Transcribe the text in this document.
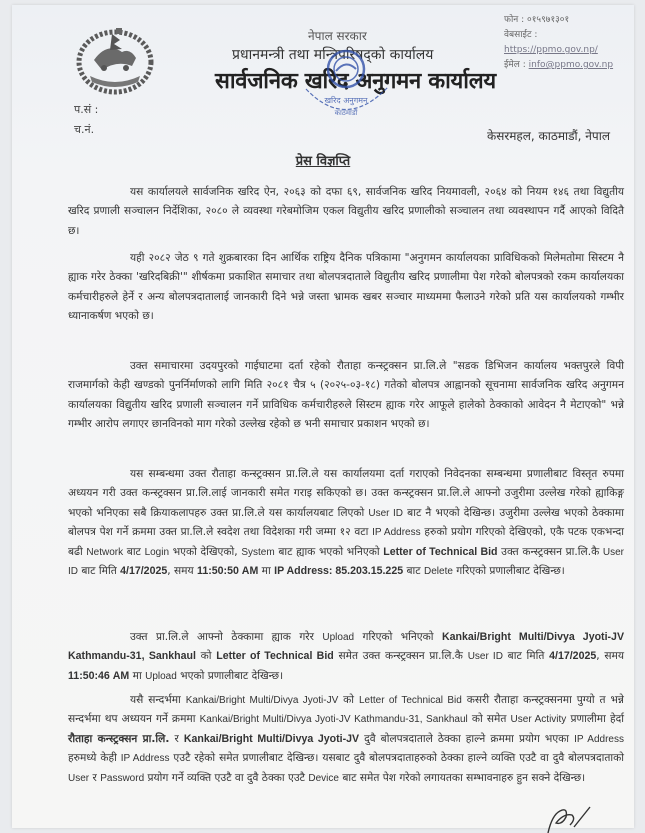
प.सं :
च.नं.
नेपाल सरकार
प्रधानमन्त्री तथा मन्त्रिपरिषद्को कार्यालय
सार्वजनिक खरिद अनुगमन कार्यालय
फोन : ०१५९७१३०१
वेबसाईट : https://ppmo.gov.np/
ईमेल : info@ppmo.gov.np
खरिद अनुगमन
काठमाडौं
केसरमहल, काठमाडौं, नेपाल
प्रेस विज्ञप्ति

यस कार्यालयले सार्वजनिक खरिद ऐन, २०६३ को दफा ६९, सार्वजनिक खरिद नियमावली, २०६४ को नियम १४६ तथा विद्युतीय खरिद प्रणाली सञ्चालन निर्देशिका, २०८० ले व्यवस्था गरेबमोजिम एकल विद्युतीय खरिद प्रणालीको सञ्चालन तथा व्यवस्थापन गर्दै आएको विदितै छ।

यही २०८२ जेठ ९ गते शुक्रबारका दिन आर्थिक राष्ट्रिय दैनिक पत्रिकामा "अनुगमन कार्यालयका प्राविधिकको मिलेमतोमा सिस्टम नै ह्याक गरेर ठेक्का 'खरिदबिक्री'" शीर्षकमा प्रकाशित समाचार तथा बोलपत्रदाताले विद्युतीय खरिद प्रणालीमा पेश गरेको बोलपत्रको रकम कार्यालयका कर्मचारीहरुले हेर्ने र अन्य बोलपत्रदातालाई जानकारी दिने भन्ने जस्ता भ्रामक खबर सञ्चार माध्यममा फैलाउने गरेको प्रति यस कार्यालयको गम्भीर ध्यानाकर्षण भएको छ।

उक्त समाचारमा उदयपुरको गाईघाटमा दर्ता रहेको रौताहा कन्स्ट्रक्सन प्रा.लि.ले "सडक डिभिजन कार्यालय भक्तपुरले विपी राजमार्गको केही खण्डको पुनर्निर्माणको लागि मिति २०८१ चैत्र ५ (२०२५-०३-१८) गतेको बोलपत्र आह्वानको सूचनामा सार्वजनिक खरिद अनुगमन कार्यालयका विद्युतीय खरिद प्रणाली सञ्चालन गर्ने प्राविधिक कर्मचारीहरुले सिस्टम ह्याक गरेर आफूले हालेको ठेक्काको आवेदन नै मेटाएको" भन्ने गम्भीर आरोप लगाएर छानविनको माग गरेको उल्लेख रहेको छ भनी समाचार प्रकाशन भएको छ।

यस सम्बन्धमा उक्त रौताहा कन्स्ट्रक्सन प्रा.लि.ले यस कार्यालयमा दर्ता गराएको निवेदनका सम्बन्धमा प्रणालीबाट विस्तृत रुपमा अध्ययन गरी उक्त कन्स्ट्रक्सन प्रा.लि.लाई जानकारी समेत गराइ सकिएको छ। उक्त कन्स्ट्रक्सन प्रा.लि.ले आफ्नो उजुरीमा उल्लेख गरेको ह्याकिङ्ग भएको भनिएका सबै क्रियाकलापहरु उक्त प्रा.लि.ले यस कार्यालयबाट लिएको User ID बाट नै भएको देखिन्छ। उजुरीमा उल्लेख भएको ठेक्कामा बोलपत्र पेश गर्ने क्रममा उक्त प्रा.लि.ले स्वदेश तथा विदेशका गरी जम्मा १२ वटा IP Address हरुको प्रयोग गरिएको देखिएको, एकै पटक एकभन्दा बढी Network बाट Login भएको देखिएको, System बाट ह्याक भएको भनिएको Letter of Technical Bid उक्त कन्स्ट्रक्सन प्रा.लि.कै User ID बाट मिति 4/17/2025, समय 11:50:50 AM मा IP Address: 85.203.15.225 बाट Delete गरिएको प्रणालीबाट देखिन्छ।

उक्त प्रा.लि.ले आफ्नो ठेक्कामा ह्याक गरेर Upload गरिएको भनिएको Kankai/Bright Multi/Divya Jyoti-JV Kathmandu-31, Sankhaul को Letter of Technical Bid समेत उक्त कन्स्ट्रक्सन प्रा.लि.कै User ID बाट मिति 4/17/2025, समय 11:50:46 AM मा Upload भएको प्रणालीबाट देखिन्छ।

यसै सन्दर्भमा Kankai/Bright Multi/Divya Jyoti-JV को Letter of Technical Bid कसरी रौताहा कन्स्ट्रक्सनमा पुग्यो त भन्ने सन्दर्भमा थप अध्ययन गर्ने क्रममा Kankai/Bright Multi/Divya Jyoti-JV Kathmandu-31, Sankhaul को समेत User Activity प्रणालीमा हेर्दा रौताहा कन्स्ट्रक्सन प्रा.लि. र Kankai/Bright Multi/Divya Jyoti-JV दुवै बोलपत्रदाताले ठेक्का हाल्ने क्रममा प्रयोग भएका IP Address हरुमध्ये केही IP Address एउटै रहेको समेत प्रणालीबाट देखिन्छ। यसबाट दुवै बोलपत्रदाताहरुको ठेक्का हाल्ने व्यक्ति एउटै वा दुवै बोलपत्रदाताको User र Password प्रयोग गर्ने व्यक्ति एउटै वा दुवै ठेक्का एउटै Device बाट समेत पेश गरेको लगायतका सम्भावनाहरु हुन सक्ने देखिन्छ।
